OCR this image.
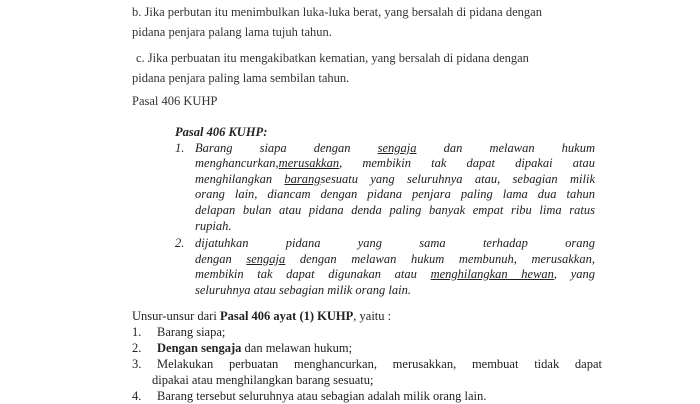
b. Jika perbutan itu menimbulkan luka-luka berat, yang bersalah di pidana dengan
pidana penjara palang lama tujuh tahun.
c. Jika perbuatan itu mengakibatkan kematian, yang bersalah di pidana dengan
pidana penjara paling lama sembilan tahun.
Pasal 406 KUHP
Pasal 406 KUHP:
1. Barang siapa dengan sengaja dan melawan hukum
menghancurkan,merusakkan, membikin tak dapat dipakai atau
menghilangkan barangsesuatu yang seluruhnya atau, sebagian milik
orang lain, diancam dengan pidana penjara paling lama dua tahun
delapan bulan atau pidana denda paling banyak empat ribu lima ratus
rupiah.
2. dijatuhkan pidana yang sama terhadap orang
dengan sengaja dengan melawan hukum membunuh, merusakkan,
membikin tak dapat digunakan atau menghilangkan hewan, yang
seluruhnya atau sebagian milik orang lain.
Unsur-unsur dari Pasal 406 ayat (1) KUHP, yaitu :
1. Barang siapa;
2. Dengan sengaja dan melawan hukum;
3. Melakukan perbuatan menghancurkan, merusakkan, membuat tidak dapat
dipakai atau menghilangkan barang sesuatu;
4. Barang tersebut seluruhnya atau sebagian adalah milik orang lain.
